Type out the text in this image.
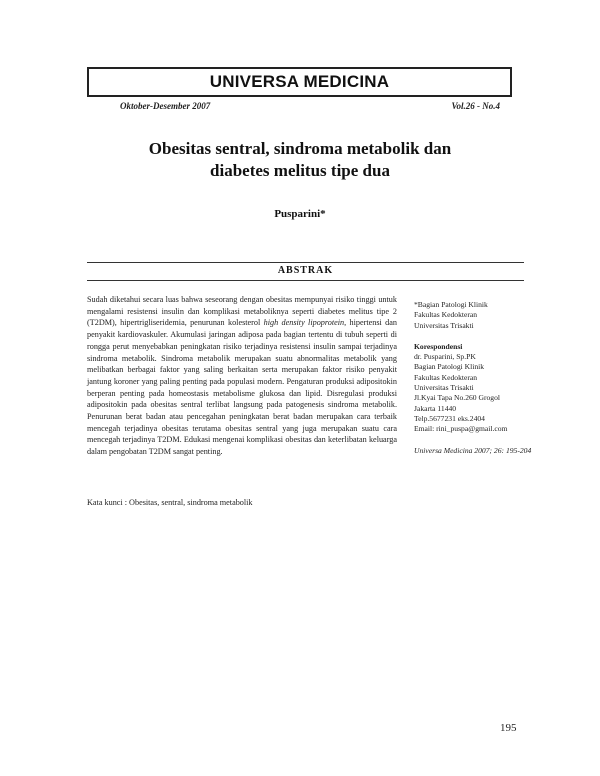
UNIVERSA MEDICINA
Oktober-Desember 2007	Vol.26 - No.4
Obesitas sentral, sindroma metabolik dan
diabetes melitus tipe dua
Pusparini*
ABSTRAK
Sudah diketahui secara luas bahwa seseorang dengan obesitas mempunyai risiko tinggi untuk mengalami resistensi insulin dan komplikasi metaboliknya seperti diabetes melitus tipe 2 (T2DM), hipertrigliseridemia, penurunan kolesterol high density lipoprotein, hipertensi dan penyakit kardiovaskuler. Akumulasi jaringan adiposa pada bagian tertentu di tubuh seperti di rongga perut menyebabkan peningkatan risiko terjadinya resistensi insulin sampai terjadinya sindroma metabolik. Sindroma metabolik merupakan suatu abnormalitas metabolik yang melibatkan berbagai faktor yang saling berkaitan serta merupakan faktor risiko penyakit jantung koroner yang paling penting pada populasi modern. Pengaturan produksi adipositokin berperan penting pada homeostasis metabolisme glukosa dan lipid. Disregulasi produksi adipositokin pada obesitas sentral terlibat langsung pada patogenesis sindroma metabolik. Penurunan berat badan atau pencegahan peningkatan berat badan merupakan cara terbaik mencegah terjadinya obesitas terutama obesitas sentral yang juga merupakan suatu cara mencegah terjadinya T2DM. Edukasi mengenai komplikasi obesitas dan keterlibatan keluarga dalam pengobatan T2DM sangat penting.
Kata kunci : Obesitas, sentral, sindroma metabolik
*Bagian Patologi Klinik
Fakultas Kedokteran
Universitas Trisakti
Korespondensi
dr. Pusparini, Sp.PK
Bagian Patologi Klinik
Fakultas Kedokteran
Universitas Trisakti
Jl.Kyai Tapa No.260 Grogol
Jakarta 11440
Telp.5677231 eks.2404
Email: rini_puspa@gmail.com
Universa Medicina 2007; 26: 195-204
195
